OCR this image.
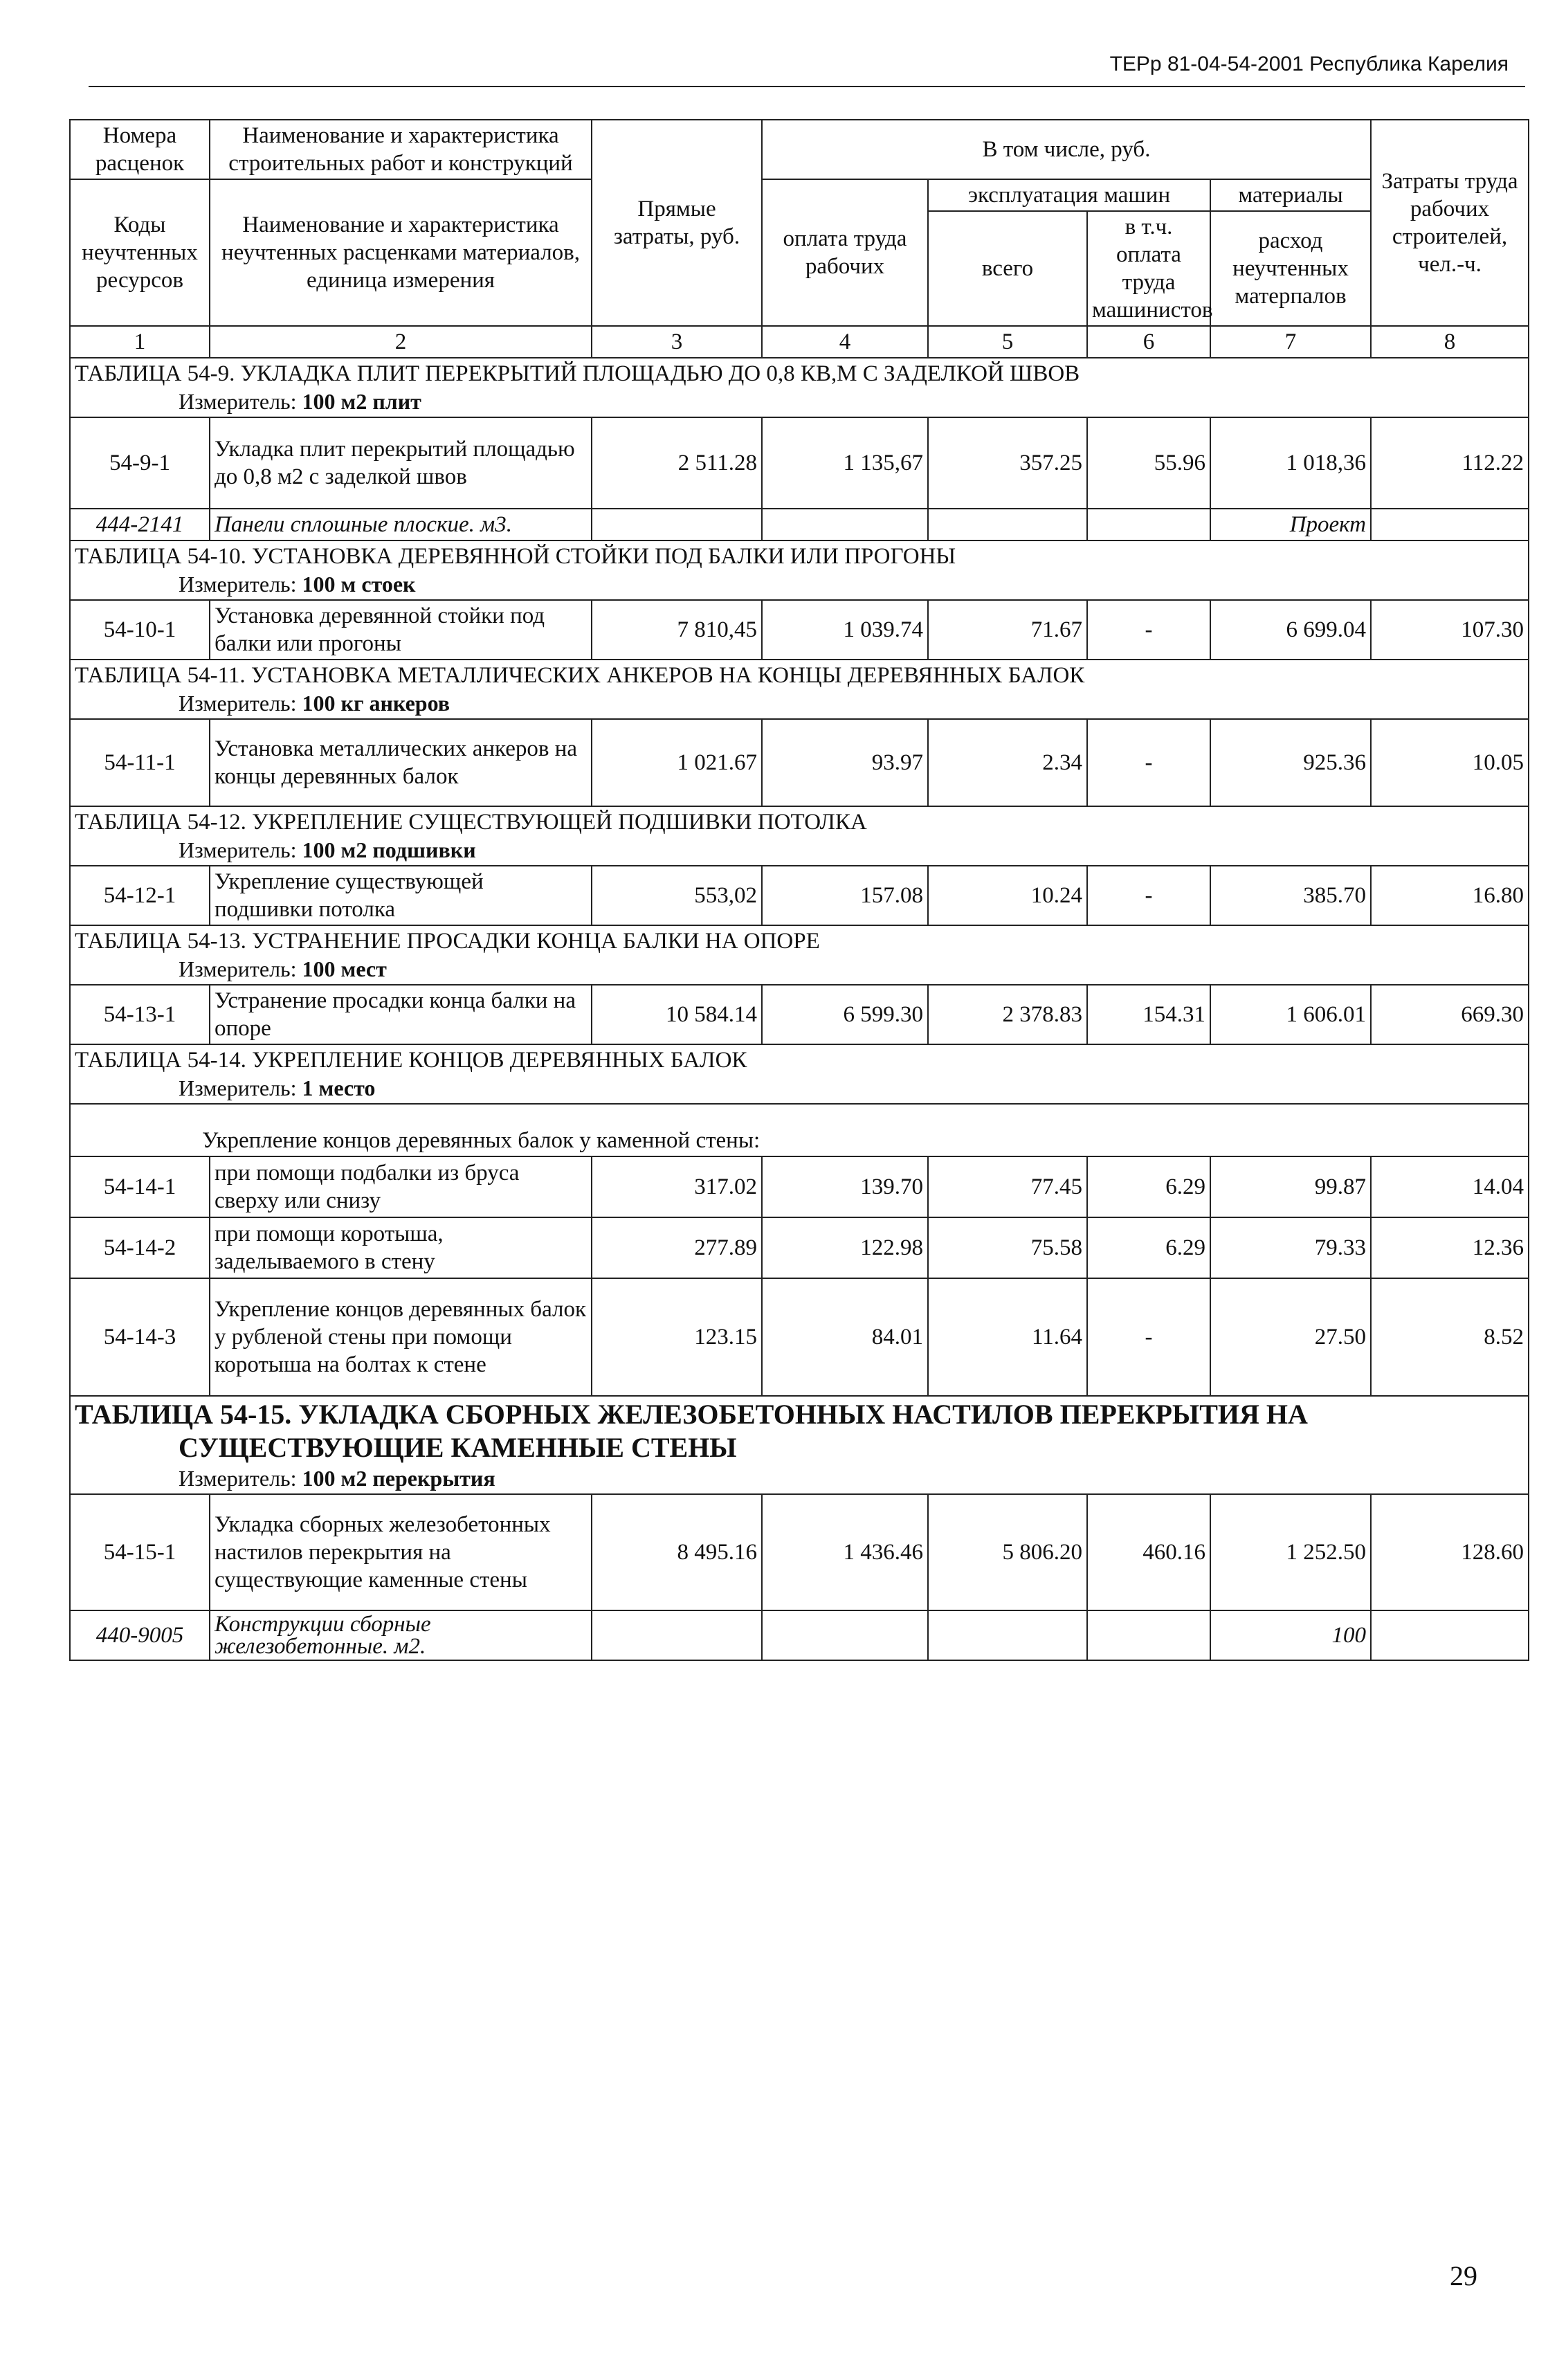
ТЕРр 81-04-54-2001 Республика Карелия
Номера расценок	Наименование и характеристика строительных работ и конструкций	Прямые затраты, руб.	В том числе, руб.				Затраты труда рабочих строителей, чел.-ч.
Коды неучтенных ресурсов	Наименование и характеристика неучтенных расценками материалов, единица измерения		оплата труда рабочих	эксплуатация машин		материалы	
				всего	в т.ч. оплата труда машинистов	расход неучтенных матерпалов	
1	2	3	4	5	6	7	8
ТАБЛИЦА 54-9. УКЛАДКА ПЛИТ ПЕРЕКРЫТИЙ ПЛОЩАДЬЮ ДО 0,8 КВ,М С ЗАДЕЛКОЙ ШВОВ
Измеритель: 100 м2 плит							

54-9-1	Укладка плит перекрытий площадью до 0,8 м2 с заделкой швов	2 511.28	1 135,67	357.25	55.96	1 018,36	112.22
444-2141	Панели сплошные плоские. м3.					Проект	
ТАБЛИЦА 54-10. УСТАНОВКА ДЕРЕВЯННОЙ СТОЙКИ ПОД БАЛКИ ИЛИ ПРОГОНЫ
Измеритель: 100 м стоек							

54-10-1	Установка деревянной стойки под балки или прогоны	7 810,45	1 039.74	71.67	-	6 699.04	107.30
ТАБЛИЦА 54-11. УСТАНОВКА МЕТАЛЛИЧЕСКИХ АНКЕРОВ НА КОНЦЫ ДЕРЕВЯННЫХ БАЛОК
Измеритель: 100 кг анкеров							

54-11-1	Установка металлических анкеров на концы деревянных балок	1 021.67	93.97	2.34	-	925.36	10.05
ТАБЛИЦА 54-12. УКРЕПЛЕНИЕ СУЩЕСТВУЮЩЕЙ ПОДШИВКИ ПОТОЛКА
Измеритель: 100 м2 подшивки							

54-12-1	Укрепление существующей подшивки потолка	553,02	157.08	10.24	-	385.70	16.80
ТАБЛИЦА 54-13. УСТРАНЕНИЕ ПРОСАДКИ КОНЦА БАЛКИ НА ОПОРЕ
Измеритель: 100 мест							

54-13-1	Устранение просадки конца балки на опоре	10 584.14	6 599.30	2 378.83	154.31	1 606.01	669.30
ТАБЛИЦА 54-14. УКРЕПЛЕНИЕ КОНЦОВ ДЕРЕВЯННЫХ БАЛОК
Измеритель: 1 место							

Укрепление концов деревянных балок у каменной стены:							
54-14-1	при помощи подбалки из бруса сверху или снизу	317.02	139.70	77.45	6.29	99.87	14.04
54-14-2	при помощи коротыша, заделываемого в стену	277.89	122.98	75.58	6.29	79.33	12.36
54-14-3	Укрепление концов деревянных балок у рубленой стены при помощи коротыша на болтах к стене	123.15	84.01	11.64	-	27.50	8.52

ТАБЛИЦА 54-15. УКЛАДКА СБОРНЫХ ЖЕЛЕЗОБЕТОННЫХ НАСТИЛОВ ПЕРЕКРЫТИЯ НА
СУЩЕСТВУЮЩИЕ КАМЕННЫЕ СТЕНЫ
Измеритель: 100 м2 перекрытия							

54-15-1	Укладка сборных железобетонных настилов перекрытия на существующие каменные стены	8 495.16	1 436.46	5 806.20	460.16	1 252.50	128.60
440-9005	Конструкции сборные железобетонные. м2.					100	
29
